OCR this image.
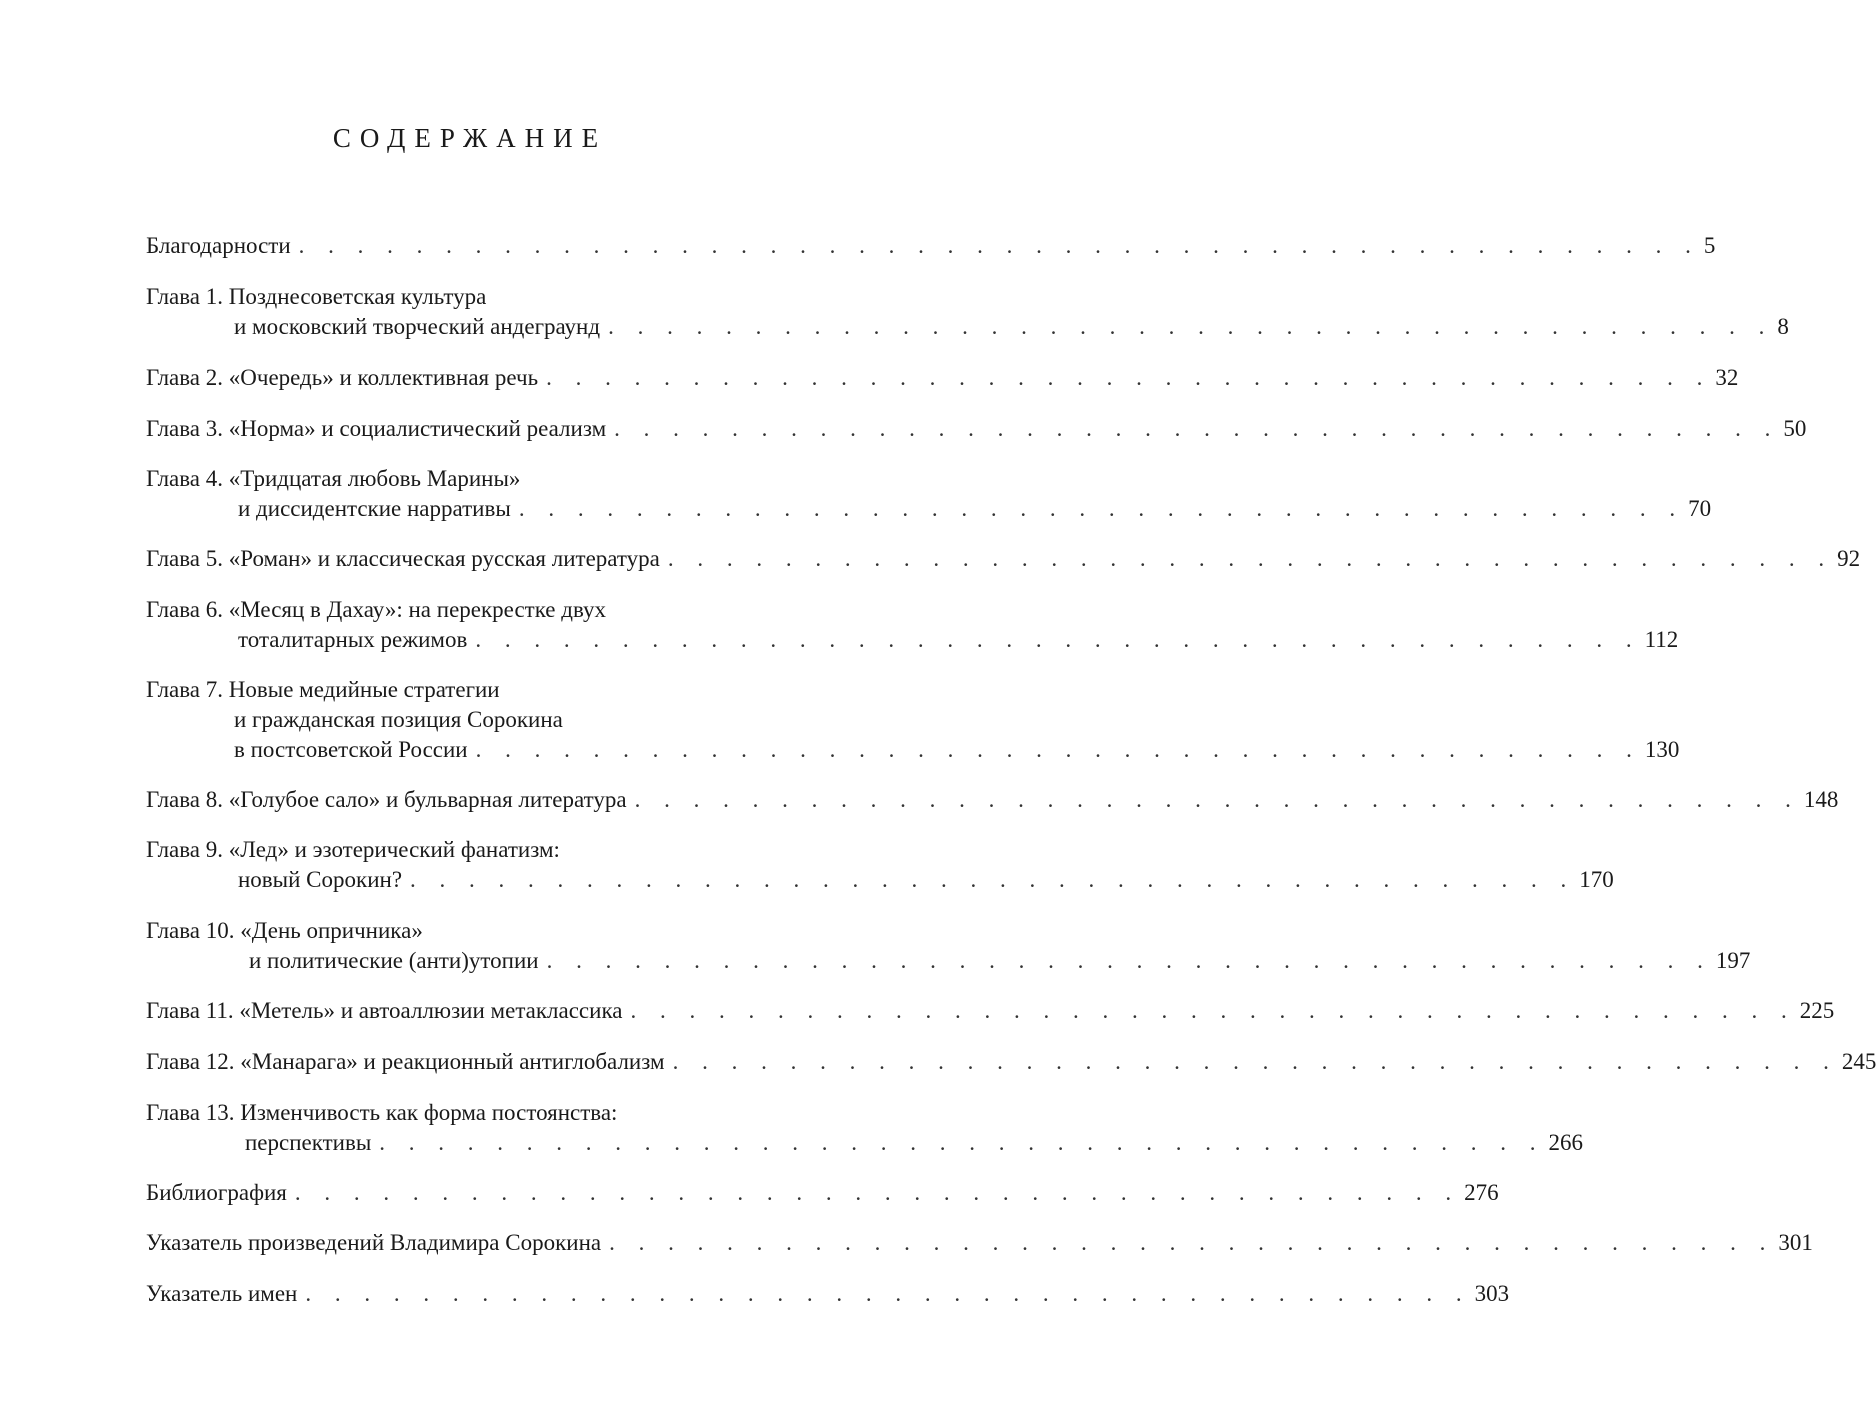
СОДЕРЖАНИЕ
Благодарности . . . . . . . . . . . . . . . . . . . . . . . . . . . . . . . . . . . . . . . . . . . . . . . . 5
Глава 1. Позднесоветская культура
и московский творческий андеграунд . . . . . . . . . . . . . . . . . . . . . . . . . . . . . . . . . . . . . . . . 8
Глава 2. «Очередь» и коллективная речь . . . . . . . . . . . . . . . . . . . . . . . . . . . . . . . . . . . . . . . . 32
Глава 3. «Норма» и социалистический реализм . . . . . . . . . . . . . . . . . . . . . . . . . . . . . . . . . . . . . . . . 50
Глава 4. «Тридцатая любовь Марины»
и диссидентские нарративы . . . . . . . . . . . . . . . . . . . . . . . . . . . . . . . . . . . . . . . . 70
Глава 5. «Роман» и классическая русская литература . . . . . . . . . . . . . . . . . . . . . . . . . . . . . . . . . . . . . . . . 92
Глава 6. «Месяц в Дахау»: на перекрестке двух
тоталитарных режимов . . . . . . . . . . . . . . . . . . . . . . . . . . . . . . . . . . . . . . . . 112
Глава 7. Новые медийные стратегии
и гражданская позиция Сорокина
в постсоветской России . . . . . . . . . . . . . . . . . . . . . . . . . . . . . . . . . . . . . . . . 130
Глава 8. «Голубое сало» и бульварная литература . . . . . . . . . . . . . . . . . . . . . . . . . . . . . . . . . . . . . . . . 148
Глава 9. «Лед» и эзотерический фанатизм:
новый Сорокин? . . . . . . . . . . . . . . . . . . . . . . . . . . . . . . . . . . . . . . . . 170
Глава 10. «День опричника»
и политические (анти)утопии . . . . . . . . . . . . . . . . . . . . . . . . . . . . . . . . . . . . . . . . 197
Глава 11. «Метель» и автоаллюзии метаклассика . . . . . . . . . . . . . . . . . . . . . . . . . . . . . . . . . . . . . . . . 225
Глава 12. «Манарага» и реакционный антиглобализм . . . . . . . . . . . . . . . . . . . . . . . . . . . . . . . . . . . . . . . . 245
Глава 13. Изменчивость как форма постоянства:
перспективы . . . . . . . . . . . . . . . . . . . . . . . . . . . . . . . . . . . . . . . . 266
Библиография . . . . . . . . . . . . . . . . . . . . . . . . . . . . . . . . . . . . . . . . 276
Указатель произведений Владимира Сорокина . . . . . . . . . . . . . . . . . . . . . . . . . . . . . . . . . . . . . . . . 301
Указатель имен . . . . . . . . . . . . . . . . . . . . . . . . . . . . . . . . . . . . . . . . 303
